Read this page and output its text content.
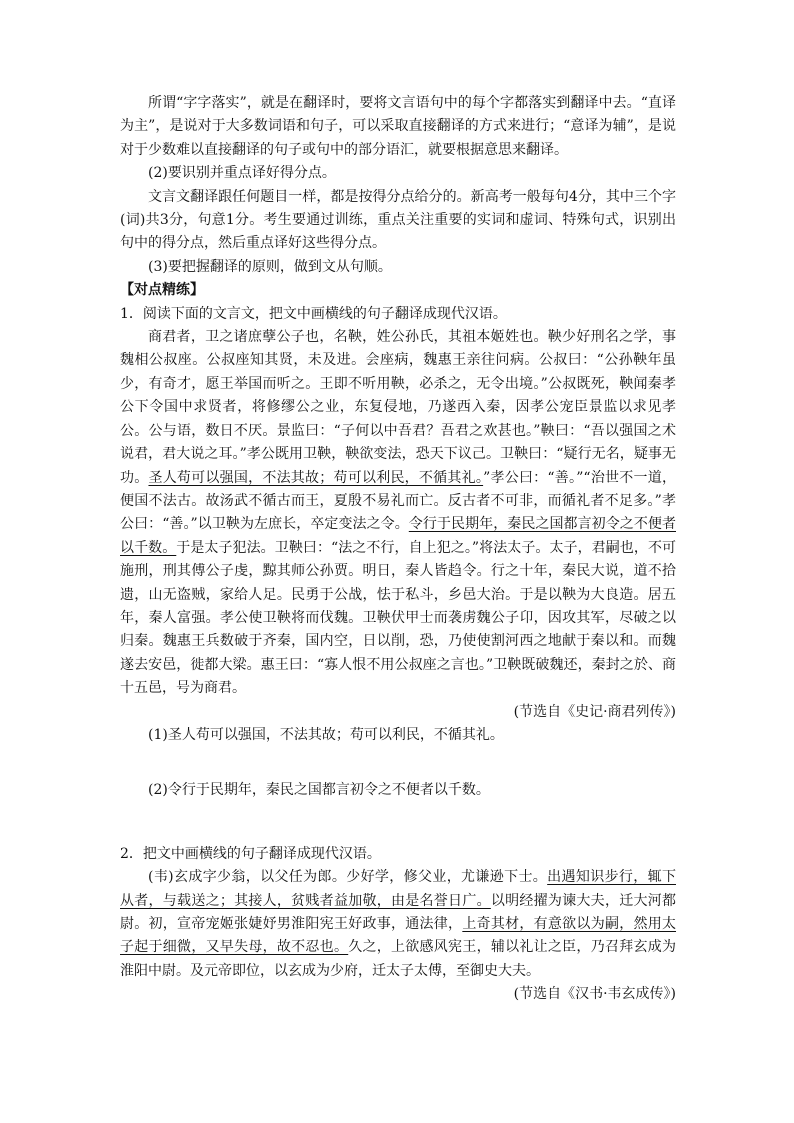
所谓“字字落实”，就是在翻译时，要将文言语句中的每个字都落实到翻译中去。“直译为主”，是说对于大多数词语和句子，可以采取直接翻译的方式来进行；“意译为辅”，是说对于少数难以直接翻译的句子或句中的部分语汇，就要根据意思来翻译。

(2)要识别并重点译好得分点。

文言文翻译跟任何题目一样，都是按得分点给分的。新高考一般每句4分，其中三个字(词)共3分，句意1分。考生要通过训练，重点关注重要的实词和虚词、特殊句式，识别出句中的得分点，然后重点译好这些得分点。

(3)要把握翻译的原则，做到文从句顺。

【对点精练】

1．阅读下面的文言文，把文中画横线的句子翻译成现代汉语。

商君者，卫之诸庶孽公子也，名鞅，姓公孙氏，其祖本姬姓也。鞅少好刑名之学，事魏相公叔座。公叔座知其贤，未及进。会座病，魏惠王亲往问病。公叔曰：“公孙鞅年虽少，有奇才，愿王举国而听之。王即不听用鞅，必杀之，无令出境。”公叔既死，鞅闻秦孝公下令国中求贤者，将修缪公之业，东复侵地，乃遂西入秦，因孝公宠臣景监以求见孝公。公与语，数日不厌。景监曰：“子何以中吾君？吾君之欢甚也。”鞅曰：“吾以强国之术说君，君大说之耳。”孝公既用卫鞅，鞅欲变法，恐天下议己。卫鞅曰：“疑行无名，疑事无功。圣人苟可以强国，不法其故；苟可以利民，不循其礼。”孝公曰：“善。”“治世不一道，便国不法古。故汤武不循古而王，夏殷不易礼而亡。反古者不可非，而循礼者不足多。”孝公曰：“善。”以卫鞅为左庶长，卒定变法之令。令行于民期年，秦民之国都言初令之不便者以千数。于是太子犯法。卫鞅曰：“法之不行，自上犯之。”将法太子。太子，君嗣也，不可施刑，刑其傅公子虔，黥其师公孙贾。明日，秦人皆趋令。行之十年，秦民大说，道不拾遗，山无盗贼，家给人足。民勇于公战，怯于私斗，乡邑大治。于是以鞅为大良造。居五年，秦人富强。孝公使卫鞅将而伐魏。卫鞅伏甲士而袭虏魏公子卬，因攻其军，尽破之以归秦。魏惠王兵数破于齐秦，国内空，日以削，恐，乃使使割河西之地献于秦以和。而魏遂去安邑，徙都大梁。惠王曰：“寡人恨不用公叔座之言也。”卫鞅既破魏还，秦封之於、商十五邑，号为商君。

(节选自《史记·商君列传》)

(1)圣人苟可以强国，不法其故；苟可以利民，不循其礼。

(2)令行于民期年，秦民之国都言初令之不便者以千数。

2．把文中画横线的句子翻译成现代汉语。

(韦)玄成字少翁，以父任为郎。少好学，修父业，尤谦逊下士。出遇知识步行，辄下从者，与载送之；其接人，贫贱者益加敬，由是名誉日广。以明经擢为谏大夫，迁大河都尉。初，宣帝宠姬张婕妤男淮阳宪王好政事，通法律，上奇其材，有意欲以为嗣，然用太子起于细微，又早失母，故不忍也。久之，上欲感风宪王，辅以礼让之臣，乃召拜玄成为淮阳中尉。及元帝即位，以玄成为少府，迁太子太傅，至御史大夫。

(节选自《汉书·韦玄成传》)
